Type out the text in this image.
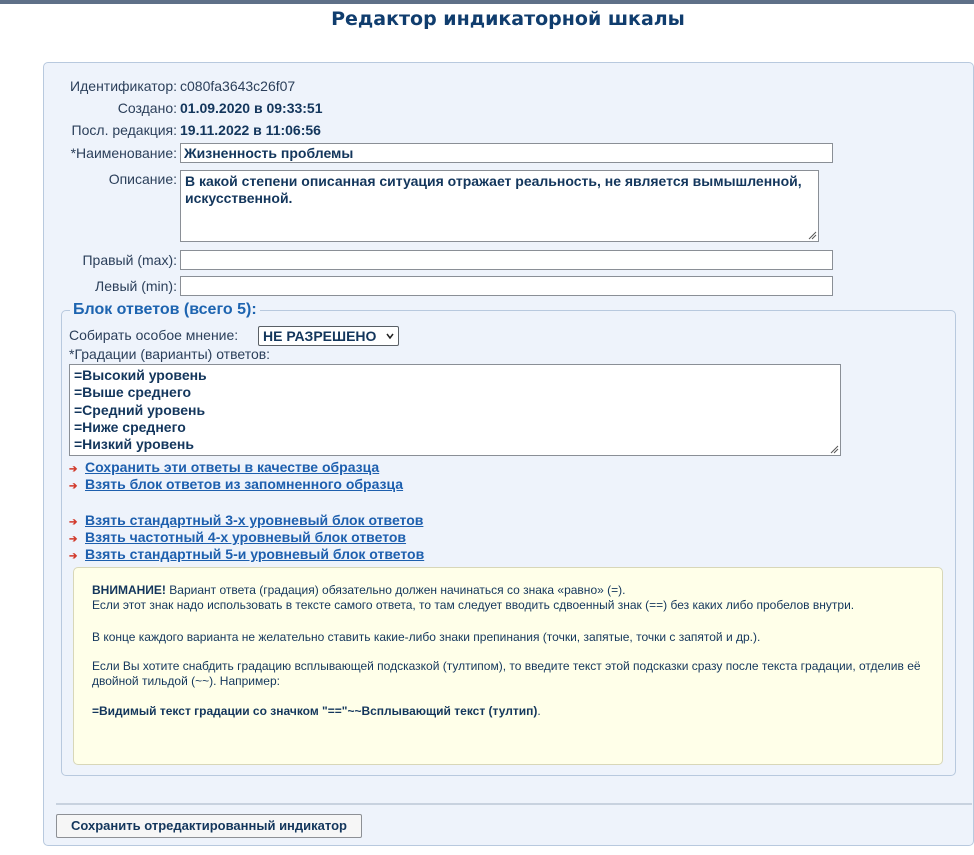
Редактор индикаторной шкалы
Идентификатор: c080fa3643c26f07
Создано: 01.09.2020 в 09:33:51
Посл. редакция: 19.11.2022 в 11:06:56
*Наименование: Жизненность проблемы
Описание: В какой степени описанная ситуация отражает реальность, не является вымышленной, искусственной.
Правый (max):
Левый (min):
Блок ответов (всего 5):
Собирать особое мнение:	НЕ РАЗРЕШЕНО
*Градации (варианты) ответов:
=Высокий уровень
=Выше среднего
=Средний уровень
=Ниже среднего
=Низкий уровень
➔ Сохранить эти ответы в качестве образца
➔ Взять блок ответов из запомненного образца
➔ Взять стандартный 3-х уровневый блок ответов
➔ Взять частотный 4-х уровневый блок ответов
➔ Взять стандартный 5-и уровневый блок ответов

ВНИМАНИЕ! Вариант ответа (градация) обязательно должен начинаться со знака «равно» (=).
Если этот знак надо использовать в тексте самого ответа, то там следует вводить сдвоенный знак (==) без каких либо пробелов внутри.

В конце каждого варианта не желательно ставить какие-либо знаки препинания (точки, запятые, точки с запятой и др.).

Если Вы хотите снабдить градацию всплывающей подсказкой (тултипом), то введите текст этой подсказки сразу после текста градации, отделив её двойной тильдой (~~). Например:

=Видимый текст градации со значком "=="~~Всплывающий текст (тултип).

Сохранить отредактированный индикатор
